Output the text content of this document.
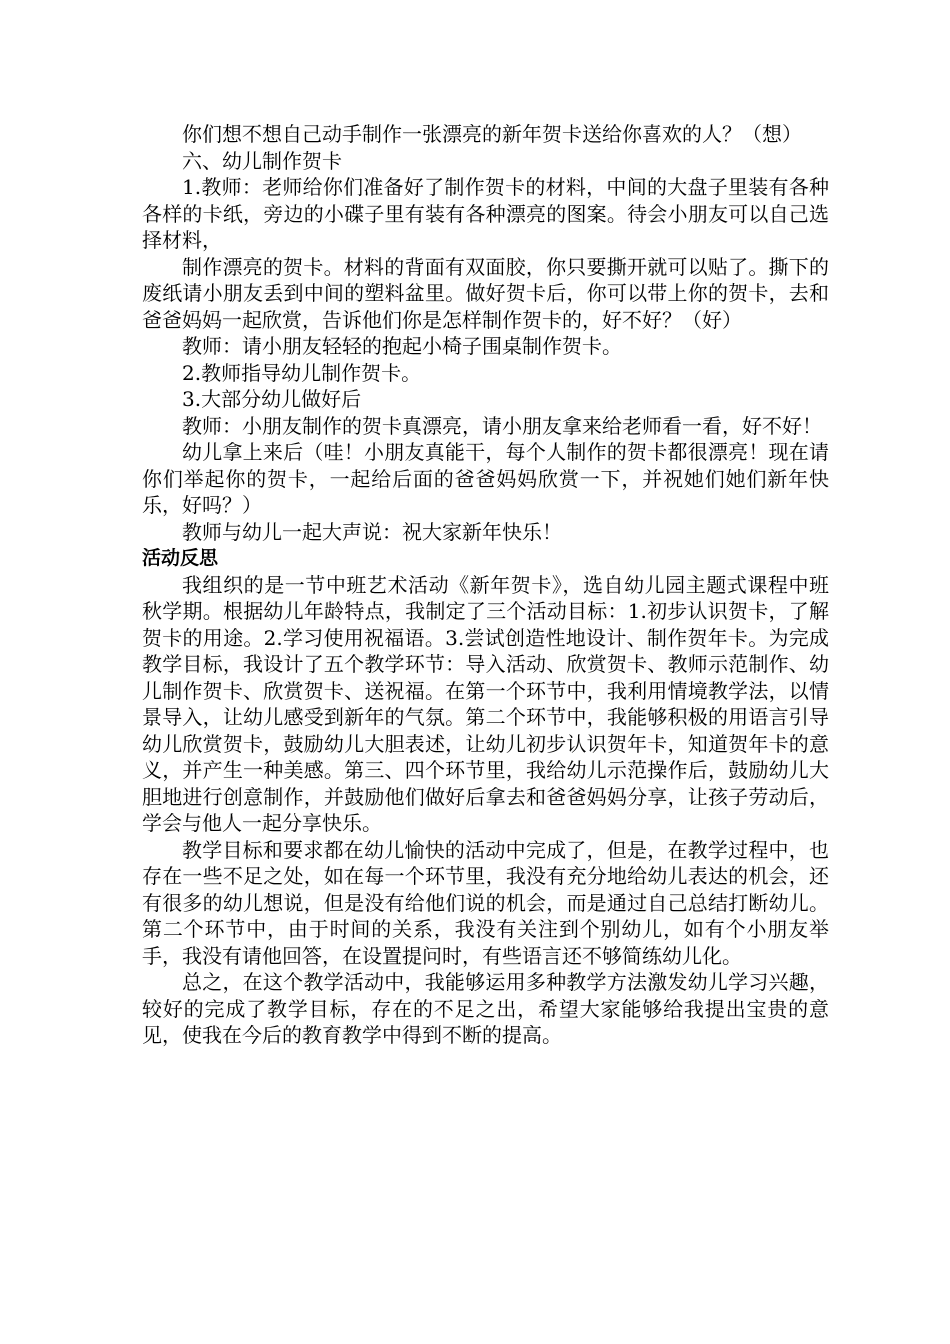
你们想不想自己动手制作一张漂亮的新年贺卡送给你喜欢的人？（想）

六、幼儿制作贺卡

1.教师：老师给你们准备好了制作贺卡的材料，中间的大盘子里装有各种各样的卡纸，旁边的小碟子里有装有各种漂亮的图案。待会小朋友可以自己选择材料，

制作漂亮的贺卡。材料的背面有双面胶，你只要撕开就可以贴了。撕下的废纸请小朋友丢到中间的塑料盆里。做好贺卡后，你可以带上你的贺卡，去和爸爸妈妈一起欣赏，告诉他们你是怎样制作贺卡的，好不好？（好）

教师：请小朋友轻轻的抱起小椅子围桌制作贺卡。

2.教师指导幼儿制作贺卡。

3.大部分幼儿做好后

教师：小朋友制作的贺卡真漂亮，请小朋友拿来给老师看一看，好不好！

幼儿拿上来后（哇！小朋友真能干，每个人制作的贺卡都很漂亮！现在请你们举起你的贺卡，一起给后面的爸爸妈妈欣赏一下，并祝她们她们新年快乐，好吗？）

教师与幼儿一起大声说：祝大家新年快乐！

活动反思

我组织的是一节中班艺术活动《新年贺卡》，选自幼儿园主题式课程中班秋学期。根据幼儿年龄特点，我制定了三个活动目标：1.初步认识贺卡，了解贺卡的用途。2.学习使用祝福语。3.尝试创造性地设计、制作贺年卡。为完成教学目标，我设计了五个教学环节：导入活动、欣赏贺卡、教师示范制作、幼儿制作贺卡、欣赏贺卡、送祝福。在第一个环节中，我利用情境教学法，以情景导入，让幼儿感受到新年的气氛。第二个环节中，我能够积极的用语言引导幼儿欣赏贺卡，鼓励幼儿大胆表述，让幼儿初步认识贺年卡，知道贺年卡的意义，并产生一种美感。第三、四个环节里，我给幼儿示范操作后，鼓励幼儿大胆地进行创意制作，并鼓励他们做好后拿去和爸爸妈妈分享，让孩子劳动后，学会与他人一起分享快乐。

教学目标和要求都在幼儿愉快的活动中完成了，但是，在教学过程中，也存在一些不足之处，如在每一个环节里，我没有充分地给幼儿表达的机会，还有很多的幼儿想说，但是没有给他们说的机会，而是通过自己总结打断幼儿。第二个环节中，由于时间的关系，我没有关注到个别幼儿，如有个小朋友举手，我没有请他回答，在设置提问时，有些语言还不够简练幼儿化。

总之，在这个教学活动中，我能够运用多种教学方法激发幼儿学习兴趣，较好的完成了教学目标，存在的不足之出，希望大家能够给我提出宝贵的意见，使我在今后的教育教学中得到不断的提高。
